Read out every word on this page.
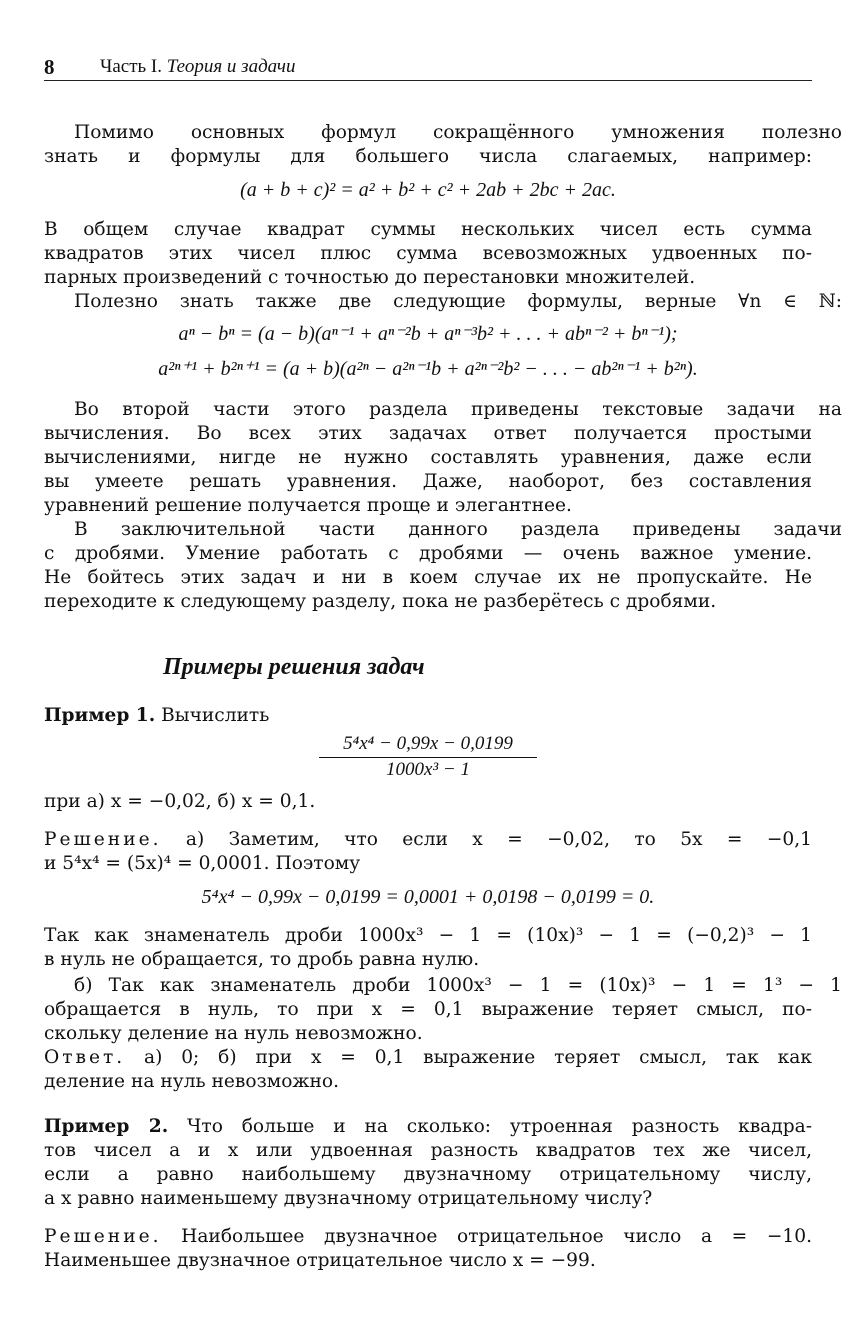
8 Часть I. Теория и задачи
Помимо основных формул сокращённого умножения полезно
знать и формулы для большего числа слагаемых, например:
(a + b + c)² = a² + b² + c² + 2ab + 2bc + 2ac.
В общем случае квадрат суммы нескольких чисел есть сумма
квадратов этих чисел плюс сумма всевозможных удвоенных по-
парных произведений с точностью до перестановки множителей.
Полезно знать также две следующие формулы, верные ∀n ∈ ℕ:
aⁿ − bⁿ = (a − b)(aⁿ⁻¹ + aⁿ⁻²b + aⁿ⁻³b² + . . . + abⁿ⁻² + bⁿ⁻¹);
a²ⁿ⁺¹ + b²ⁿ⁺¹ = (a + b)(a²ⁿ − a²ⁿ⁻¹b + a²ⁿ⁻²b² − . . . − ab²ⁿ⁻¹ + b²ⁿ).
Во второй части этого раздела приведены текстовые задачи на
вычисления. Во всех этих задачах ответ получается простыми
вычислениями, нигде не нужно составлять уравнения, даже если
вы умеете решать уравнения. Даже, наоборот, без составления
уравнений решение получается проще и элегантнее.
В заключительной части данного раздела приведены задачи
с дробями. Умение работать с дробями — очень важное умение.
Не бойтесь этих задач и ни в коем случае их не пропускайте. Не
переходите к следующему разделу, пока не разберётесь с дробями.
Примеры решения задач
Пример 1. Вычислить
$\frac{\text{5⁴x⁴ − 0,99x − 0,0199}}{\text{1000x³ − 1}}$
при а) x = −0,02, б) x = 0,1.
Решение. а) Заметим, что если x = −0,02, то 5x = −0,1
и 5⁴x⁴ = (5x)⁴ = 0,0001. Поэтому
5⁴x⁴ − 0,99x − 0,0199 = 0,0001 + 0,0198 − 0,0199 = 0.
Так как знаменатель дроби 1000x³ − 1 = (10x)³ − 1 = (−0,2)³ − 1
в нуль не обращается, то дробь равна нулю.
б) Так как знаменатель дроби 1000x³ − 1 = (10x)³ − 1 = 1³ − 1
обращается в нуль, то при x = 0,1 выражение теряет смысл, по-
скольку деление на нуль невозможно.
Ответ. а) 0; б) при x = 0,1 выражение теряет смысл, так как
деление на нуль невозможно.
Пример 2. Что больше и на сколько: утроенная разность квадра-
тов чисел a и x или удвоенная разность квадратов тех же чисел,
если a равно наибольшему двузначному отрицательному числу,
а x равно наименьшему двузначному отрицательному числу?
Решение. Наибольшее двузначное отрицательное число a = −10.
Наименьшее двузначное отрицательное число x = −99.
